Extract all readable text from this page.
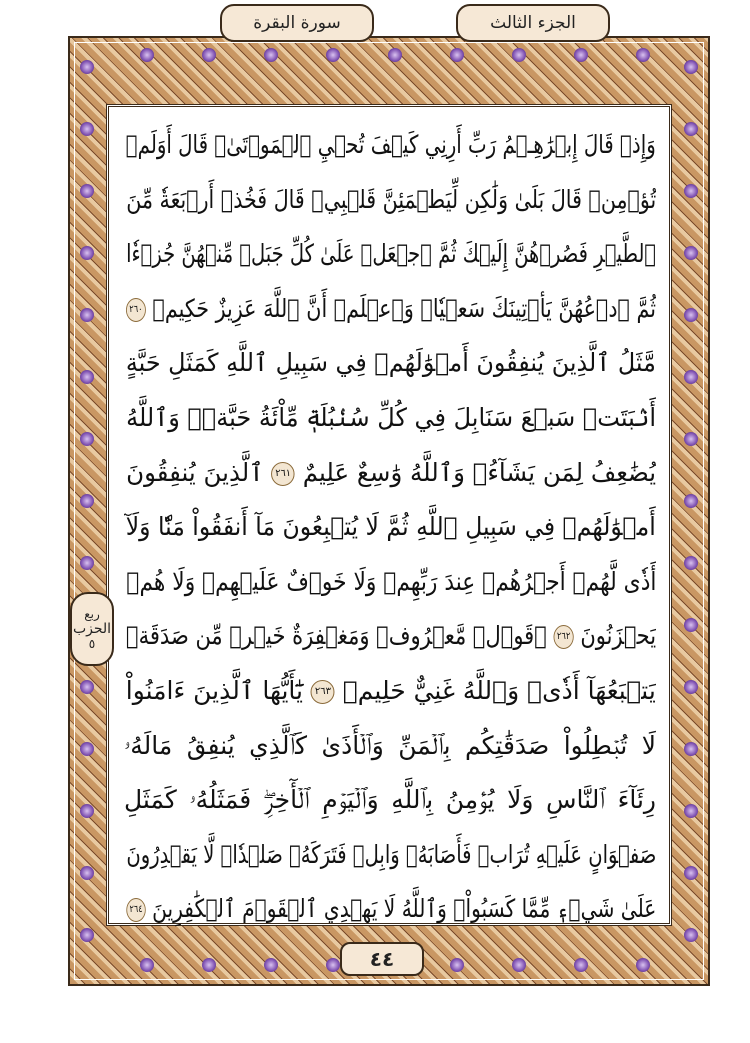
الجزء الثالث
سورة البقرة
وَإِذۡ قَالَ إِبۡرَٰهِـۧمُ رَبِّ أَرِنِي كَيۡفَ تُحۡيِ ٱلۡمَوۡتَىٰۖ قَالَ أَوَلَمۡ
تُؤۡمِنۖ قَالَ بَلَىٰ وَلَٰكِن لِّيَطۡمَئِنَّ قَلۡبِيۖ قَالَ فَخُذۡ أَرۡبَعَةٗ مِّنَ
ٱلطَّيۡرِ فَصُرۡهُنَّ إِلَيۡكَ ثُمَّ ٱجۡعَلۡ عَلَىٰ كُلِّ جَبَلٖ مِّنۡهُنَّ جُزۡءٗا
ثُمَّ ٱدۡعُهُنَّ يَأۡتِينَكَ سَعۡيٗاۚ وَٱعۡلَمۡ أَنَّ ٱللَّهَ عَزِيزٌ حَكِيمٞ ٢٦٠
مَّثَلُ ٱلَّذِينَ يُنفِقُونَ أَمۡوَٰلَهُمۡ فِي سَبِيلِ ٱللَّهِ كَمَثَلِ حَبَّةٍ
أَنۢبَتَتۡ سَبۡعَ سَنَابِلَ فِي كُلِّ سُنۢبُلَةٖ مِّاْئَةُ حَبَّةٖۗ وَٱللَّهُ
يُضَٰعِفُ لِمَن يَشَآءُۚ وَٱللَّهُ وَٰسِعٌ عَلِيمٌ ٢٦١ ٱلَّذِينَ يُنفِقُونَ
أَمۡوَٰلَهُمۡ فِي سَبِيلِ ٱللَّهِ ثُمَّ لَا يُتۡبِعُونَ مَآ أَنفَقُواْ مَنّٗا وَلَآ
أَذٗى لَّهُمۡ أَجۡرُهُمۡ عِندَ رَبِّهِمۡ وَلَا خَوۡفٌ عَلَيۡهِمۡ وَلَا هُمۡ
يَحۡزَنُونَ ٢٦٢ ۞قَوۡلٞ مَّعۡرُوفٞ وَمَغۡفِرَةٌ خَيۡرٞ مِّن صَدَقَةٖ
يَتۡبَعُهَآ أَذٗىۗ وَٱللَّهُ غَنِيٌّ حَلِيمٞ ٢٦٣ يَٰٓأَيُّهَا ٱلَّذِينَ ءَامَنُواْ
لَا تُبۡطِلُواْ صَدَقَٰتِكُم بِٱلۡمَنِّ وَٱلۡأَذَىٰ كَٱلَّذِي يُنفِقُ مَالَهُۥ
رِئَآءَ ٱلنَّاسِ وَلَا يُؤۡمِنُ بِٱللَّهِ وَٱلۡيَوۡمِ ٱلۡأٓخِرِۖ فَمَثَلُهُۥ كَمَثَلِ
صَفۡوَانٍ عَلَيۡهِ تُرَابٞ فَأَصَابَهُۥ وَابِلٞ فَتَرَكَهُۥ صَلۡدٗاۖ لَّا يَقۡدِرُونَ
عَلَىٰ شَيۡءٖ مِّمَّا كَسَبُواْۗ وَٱللَّهُ لَا يَهۡدِي ٱلۡقَوۡمَ ٱلۡكَٰفِرِينَ ٢٦٤
ربع
الحزب
٥
٤٤
